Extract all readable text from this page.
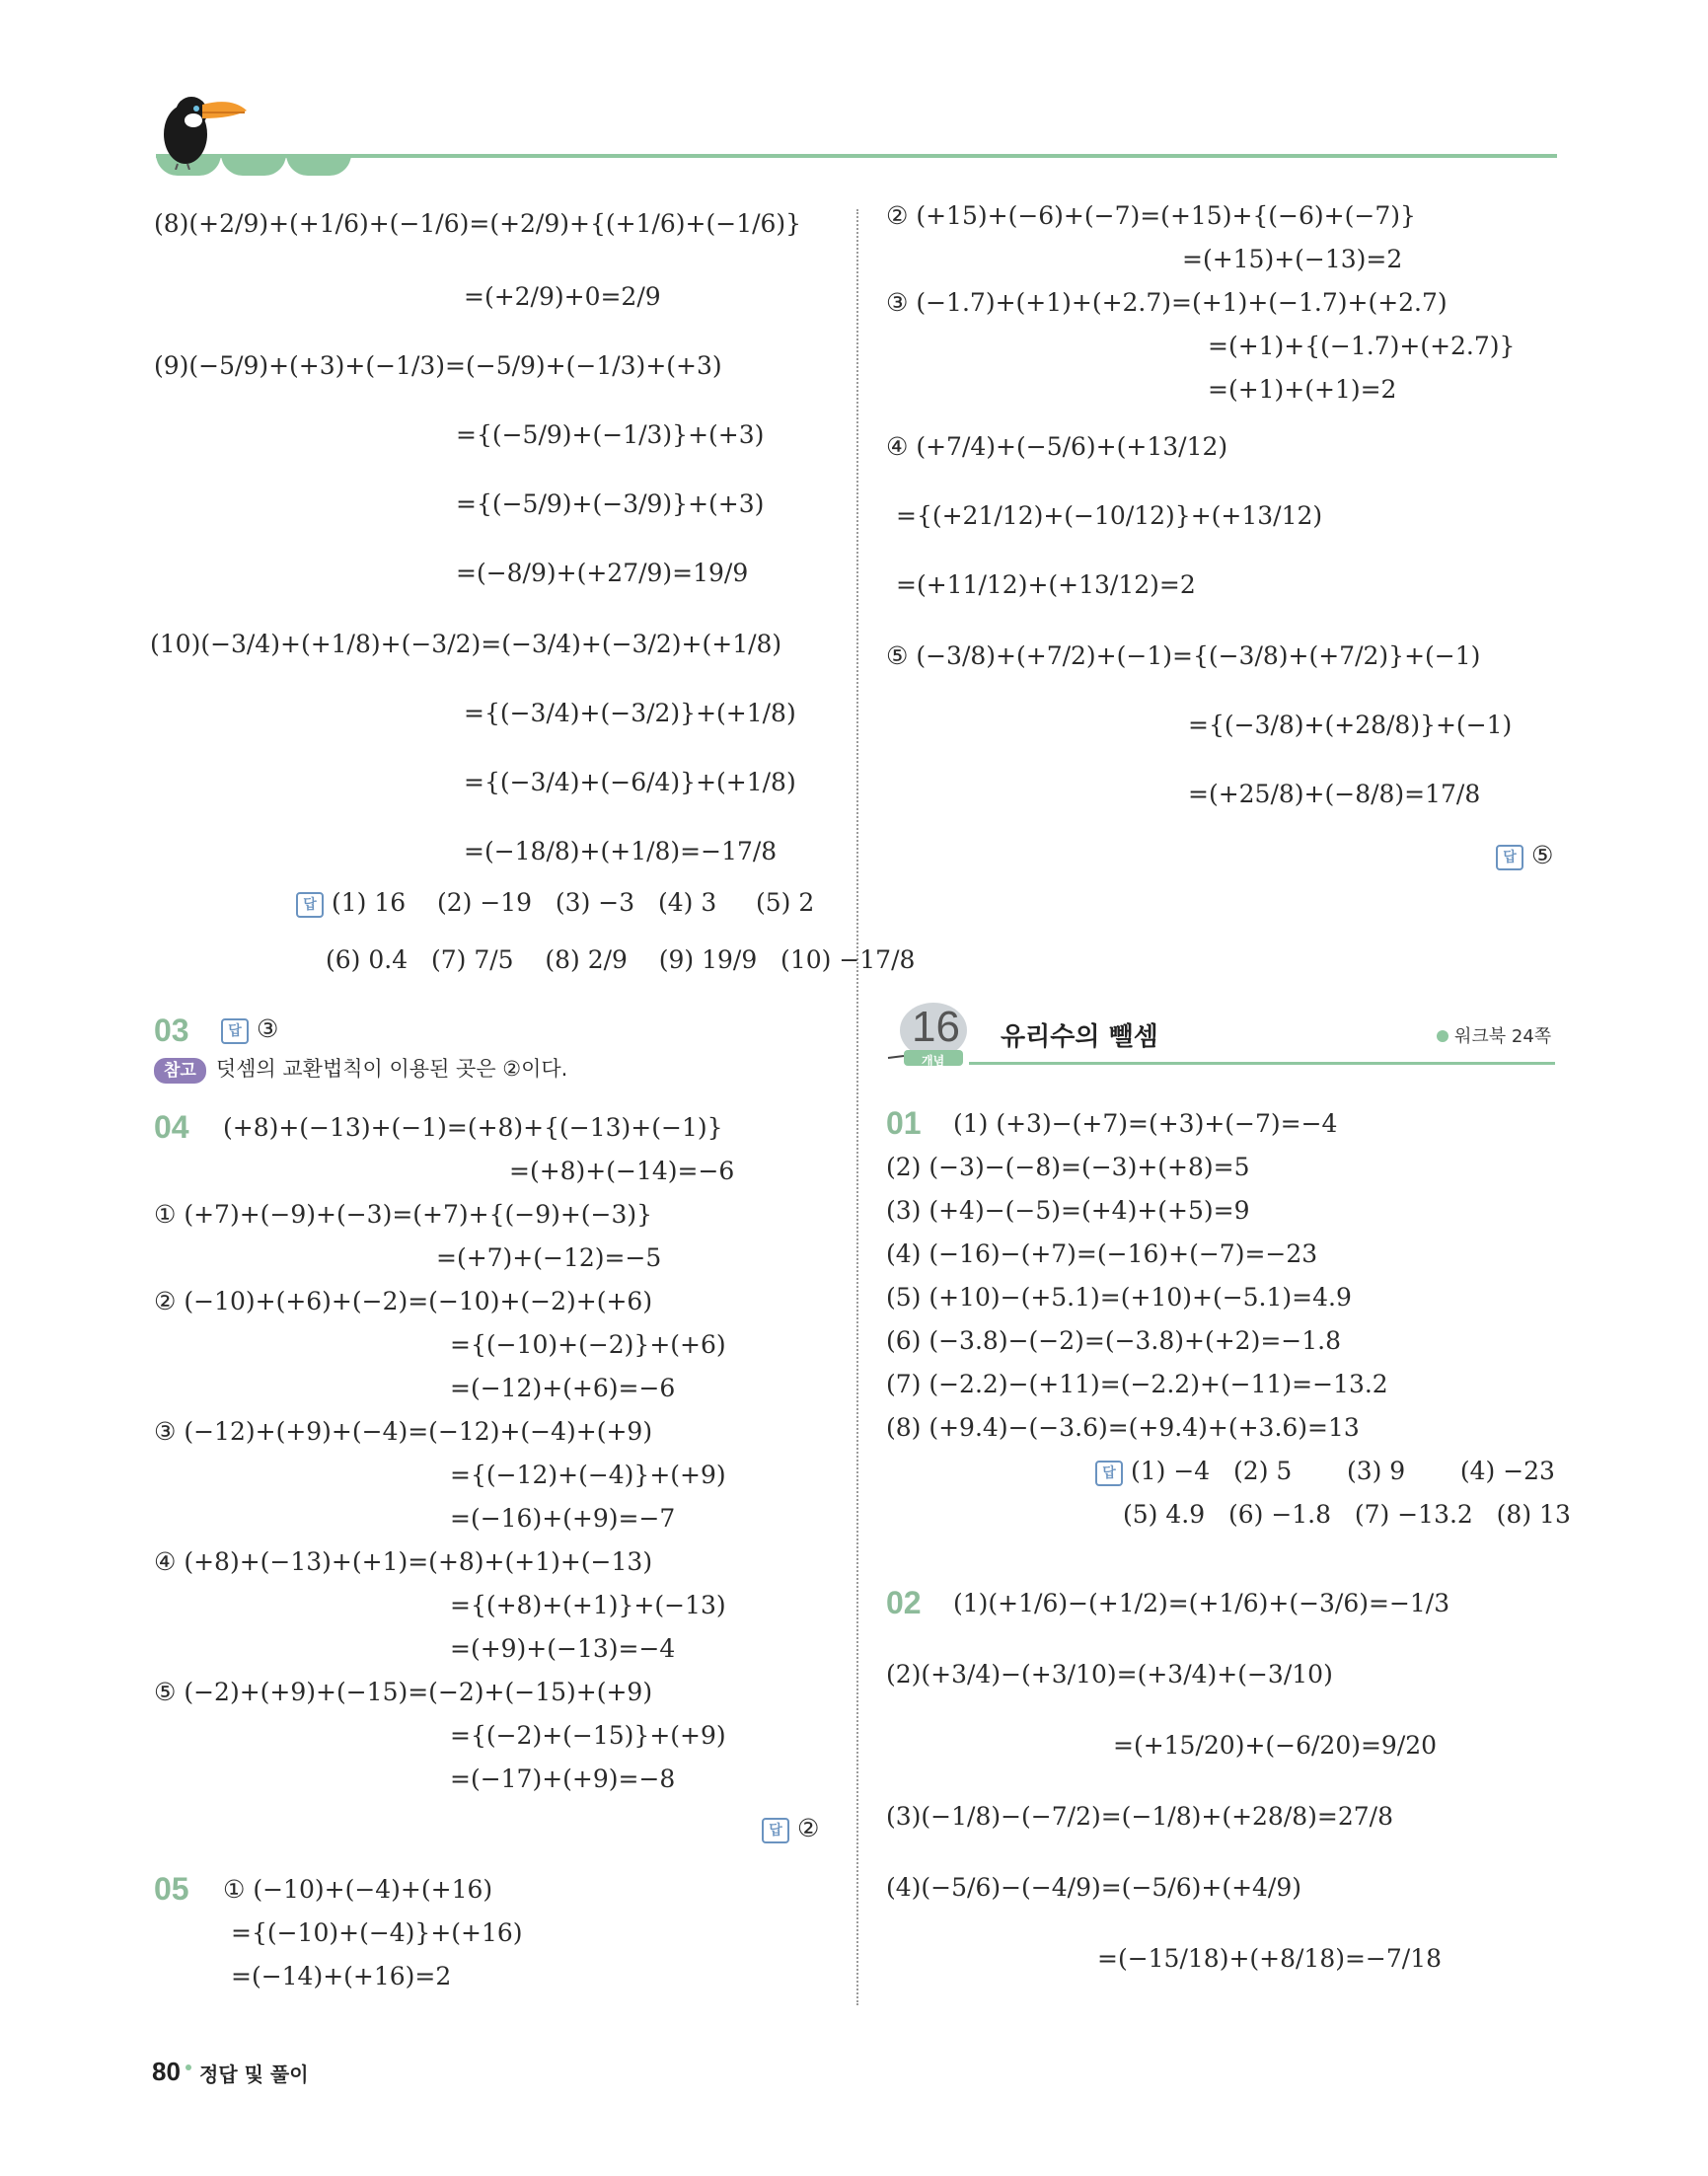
(8)(+2/9)+(+1/6)+(−1/6)=(+2/9)+{(+1/6)+(−1/6)}
=(+2/9)+0=2/9
(9)(−5/9)+(+3)+(−1/3)=(−5/9)+(−1/3)+(+3)
={(−5/9)+(−1/3)}+(+3)
={(−5/9)+(−3/9)}+(+3)
=(−8/9)+(+27/9)=19/9
(10)(−3/4)+(+1/8)+(−3/2)=(−3/4)+(−3/2)+(+1/8)
={(−3/4)+(−3/2)}+(+1/8)
={(−3/4)+(−6/4)}+(+1/8)
=(−18/8)+(+1/8)=−17/8
답 (1) 16    (2) −19   (3) −3   (4) 3     (5) 2
(6) 0.4   (7) 7/5    (8) 2/9    (9) 19/9   (10) −17/8
03	답 ③
참고 덧셈의 교환법칙이 이용된 곳은 ②이다.
04 (+8)+(−13)+(−1)=(+8)+{(−13)+(−1)}
=(+8)+(−14)=−6
① (+7)+(−9)+(−3)=(+7)+{(−9)+(−3)}
=(+7)+(−12)=−5
② (−10)+(+6)+(−2)=(−10)+(−2)+(+6)
={(−10)+(−2)}+(+6)
=(−12)+(+6)=−6
③ (−12)+(+9)+(−4)=(−12)+(−4)+(+9)
={(−12)+(−4)}+(+9)
=(−16)+(+9)=−7
④ (+8)+(−13)+(+1)=(+8)+(+1)+(−13)
={(+8)+(+1)}+(−13)
=(+9)+(−13)=−4
⑤ (−2)+(+9)+(−15)=(−2)+(−15)+(+9)
={(−2)+(−15)}+(+9)
=(−17)+(+9)=−8
답 ②
05 ① (−10)+(−4)+(+16)
={(−10)+(−4)}+(+16)
=(−14)+(+16)=2
② (+15)+(−6)+(−7)=(+15)+{(−6)+(−7)}
=(+15)+(−13)=2
③ (−1.7)+(+1)+(+2.7)=(+1)+(−1.7)+(+2.7)
=(+1)+{(−1.7)+(+2.7)}
=(+1)+(+1)=2
④ (+7/4)+(−5/6)+(+13/12)
={(+21/12)+(−10/12)}+(+13/12)
=(+11/12)+(+13/12)=2
⑤ (−3/8)+(+7/2)+(−1)={(−3/8)+(+7/2)}+(−1)
={(−3/8)+(+28/8)}+(−1)
=(+25/8)+(−8/8)=17/8
답 ⑤
16
개념
유리수의 뺄셈	워크북 24쪽
01 (1) (+3)−(+7)=(+3)+(−7)=−4
(2) (−3)−(−8)=(−3)+(+8)=5
(3) (+4)−(−5)=(+4)+(+5)=9
(4) (−16)−(+7)=(−16)+(−7)=−23
(5) (+10)−(+5.1)=(+10)+(−5.1)=4.9
(6) (−3.8)−(−2)=(−3.8)+(+2)=−1.8
(7) (−2.2)−(+11)=(−2.2)+(−11)=−13.2
(8) (+9.4)−(−3.6)=(+9.4)+(+3.6)=13
답 (1) −4   (2) 5       (3) 9       (4) −23
(5) 4.9   (6) −1.8   (7) −13.2   (8) 13
02 (1)(+1/6)−(+1/2)=(+1/6)+(−3/6)=−1/3
(2)(+3/4)−(+3/10)=(+3/4)+(−3/10)
=(+15/20)+(−6/20)=9/20
(3)(−1/8)−(−7/2)=(−1/8)+(+28/8)=27/8
(4)(−5/6)−(−4/9)=(−5/6)+(+4/9)
=(−15/18)+(+8/18)=−7/18
80 정답 및 풀이
